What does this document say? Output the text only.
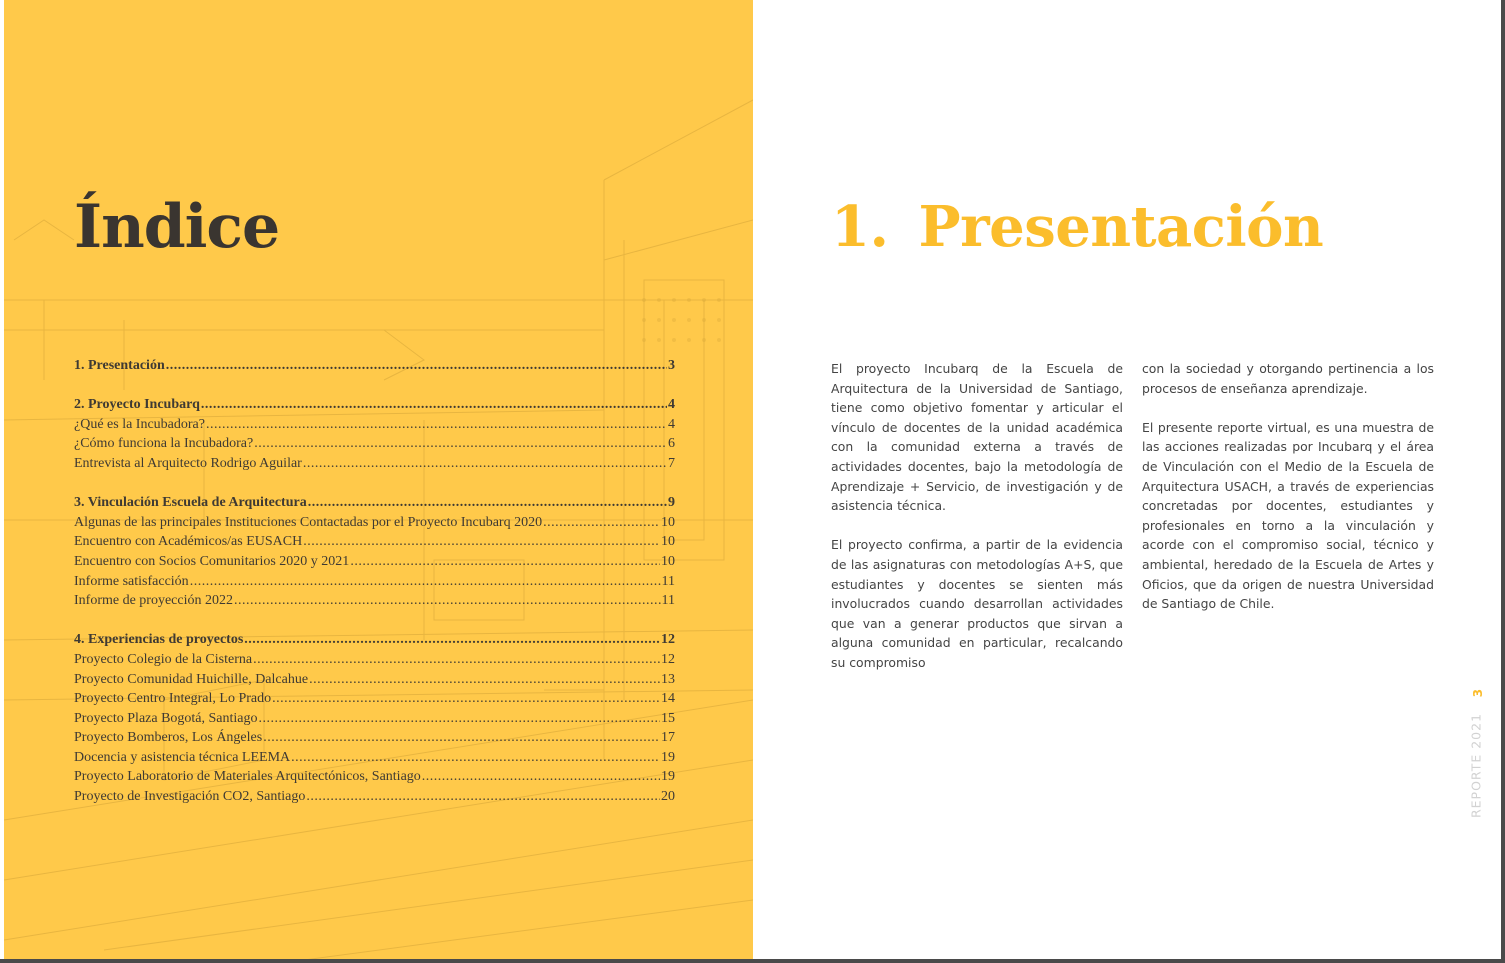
Índice
1. Presentación .....	3
2. Proyecto Incubarq .....	4
¿Qué es la Incubadora? .....	4
¿Cómo funciona la Incubadora? .....	6
Entrevista al Arquitecto Rodrigo Aguilar .....	7
3. Vinculación Escuela de Arquitectura .....	9
Algunas de las principales Instituciones Contactadas por el Proyecto Incubarq 2020 .....	10
Encuentro con Académicos/as EUSACH .....	10
Encuentro con Socios Comunitarios 2020 y 2021 .....	10
Informe satisfacción .....	11
Informe de proyección 2022 .....	11
4. Experiencias de proyectos .....	12
Proyecto Colegio de la Cisterna .....	12
Proyecto Comunidad Huichille, Dalcahue .....	13
Proyecto Centro Integral, Lo Prado .....	14
Proyecto Plaza Bogotá, Santiago .....	15
Proyecto Bomberos, Los Ángeles .....	17
Docencia y asistencia técnica LEEMA .....	19
Proyecto Laboratorio de Materiales Arquitectónicos, Santiago .....	19
Proyecto de Investigación CO2, Santiago .....	20
1. Presentación

El proyecto Incubarq de la Escuela de Arquitectura de la Universidad de Santiago, tiene como objetivo fomentar y articular el vínculo de docentes de la unidad académica con la comunidad externa a través de actividades docentes, bajo la metodología de Aprendizaje + Servicio, de investigación y de asistencia técnica.

El proyecto confirma, a partir de la evidencia de las asignaturas con metodologías A+S, que estudiantes y docentes se sienten más involucrados cuando desarrollan actividades que van a generar productos que sirvan a alguna comunidad en particular, recalcando su compromiso

con la sociedad y otorgando pertinencia a los procesos de enseñanza aprendizaje.

El presente reporte virtual, es una muestra de las acciones realizadas por Incubarq y el área de Vinculación con el Medio de la Escuela de Arquitectura USACH, a través de experiencias concretadas por docentes, estudiantes y profesionales en torno a la vinculación y acorde con el compromiso social, técnico y ambiental, heredado de la Escuela de Artes y Oficios, que da origen de nuestra Universidad de Santiago de Chile.

3
REPORTE 2021
